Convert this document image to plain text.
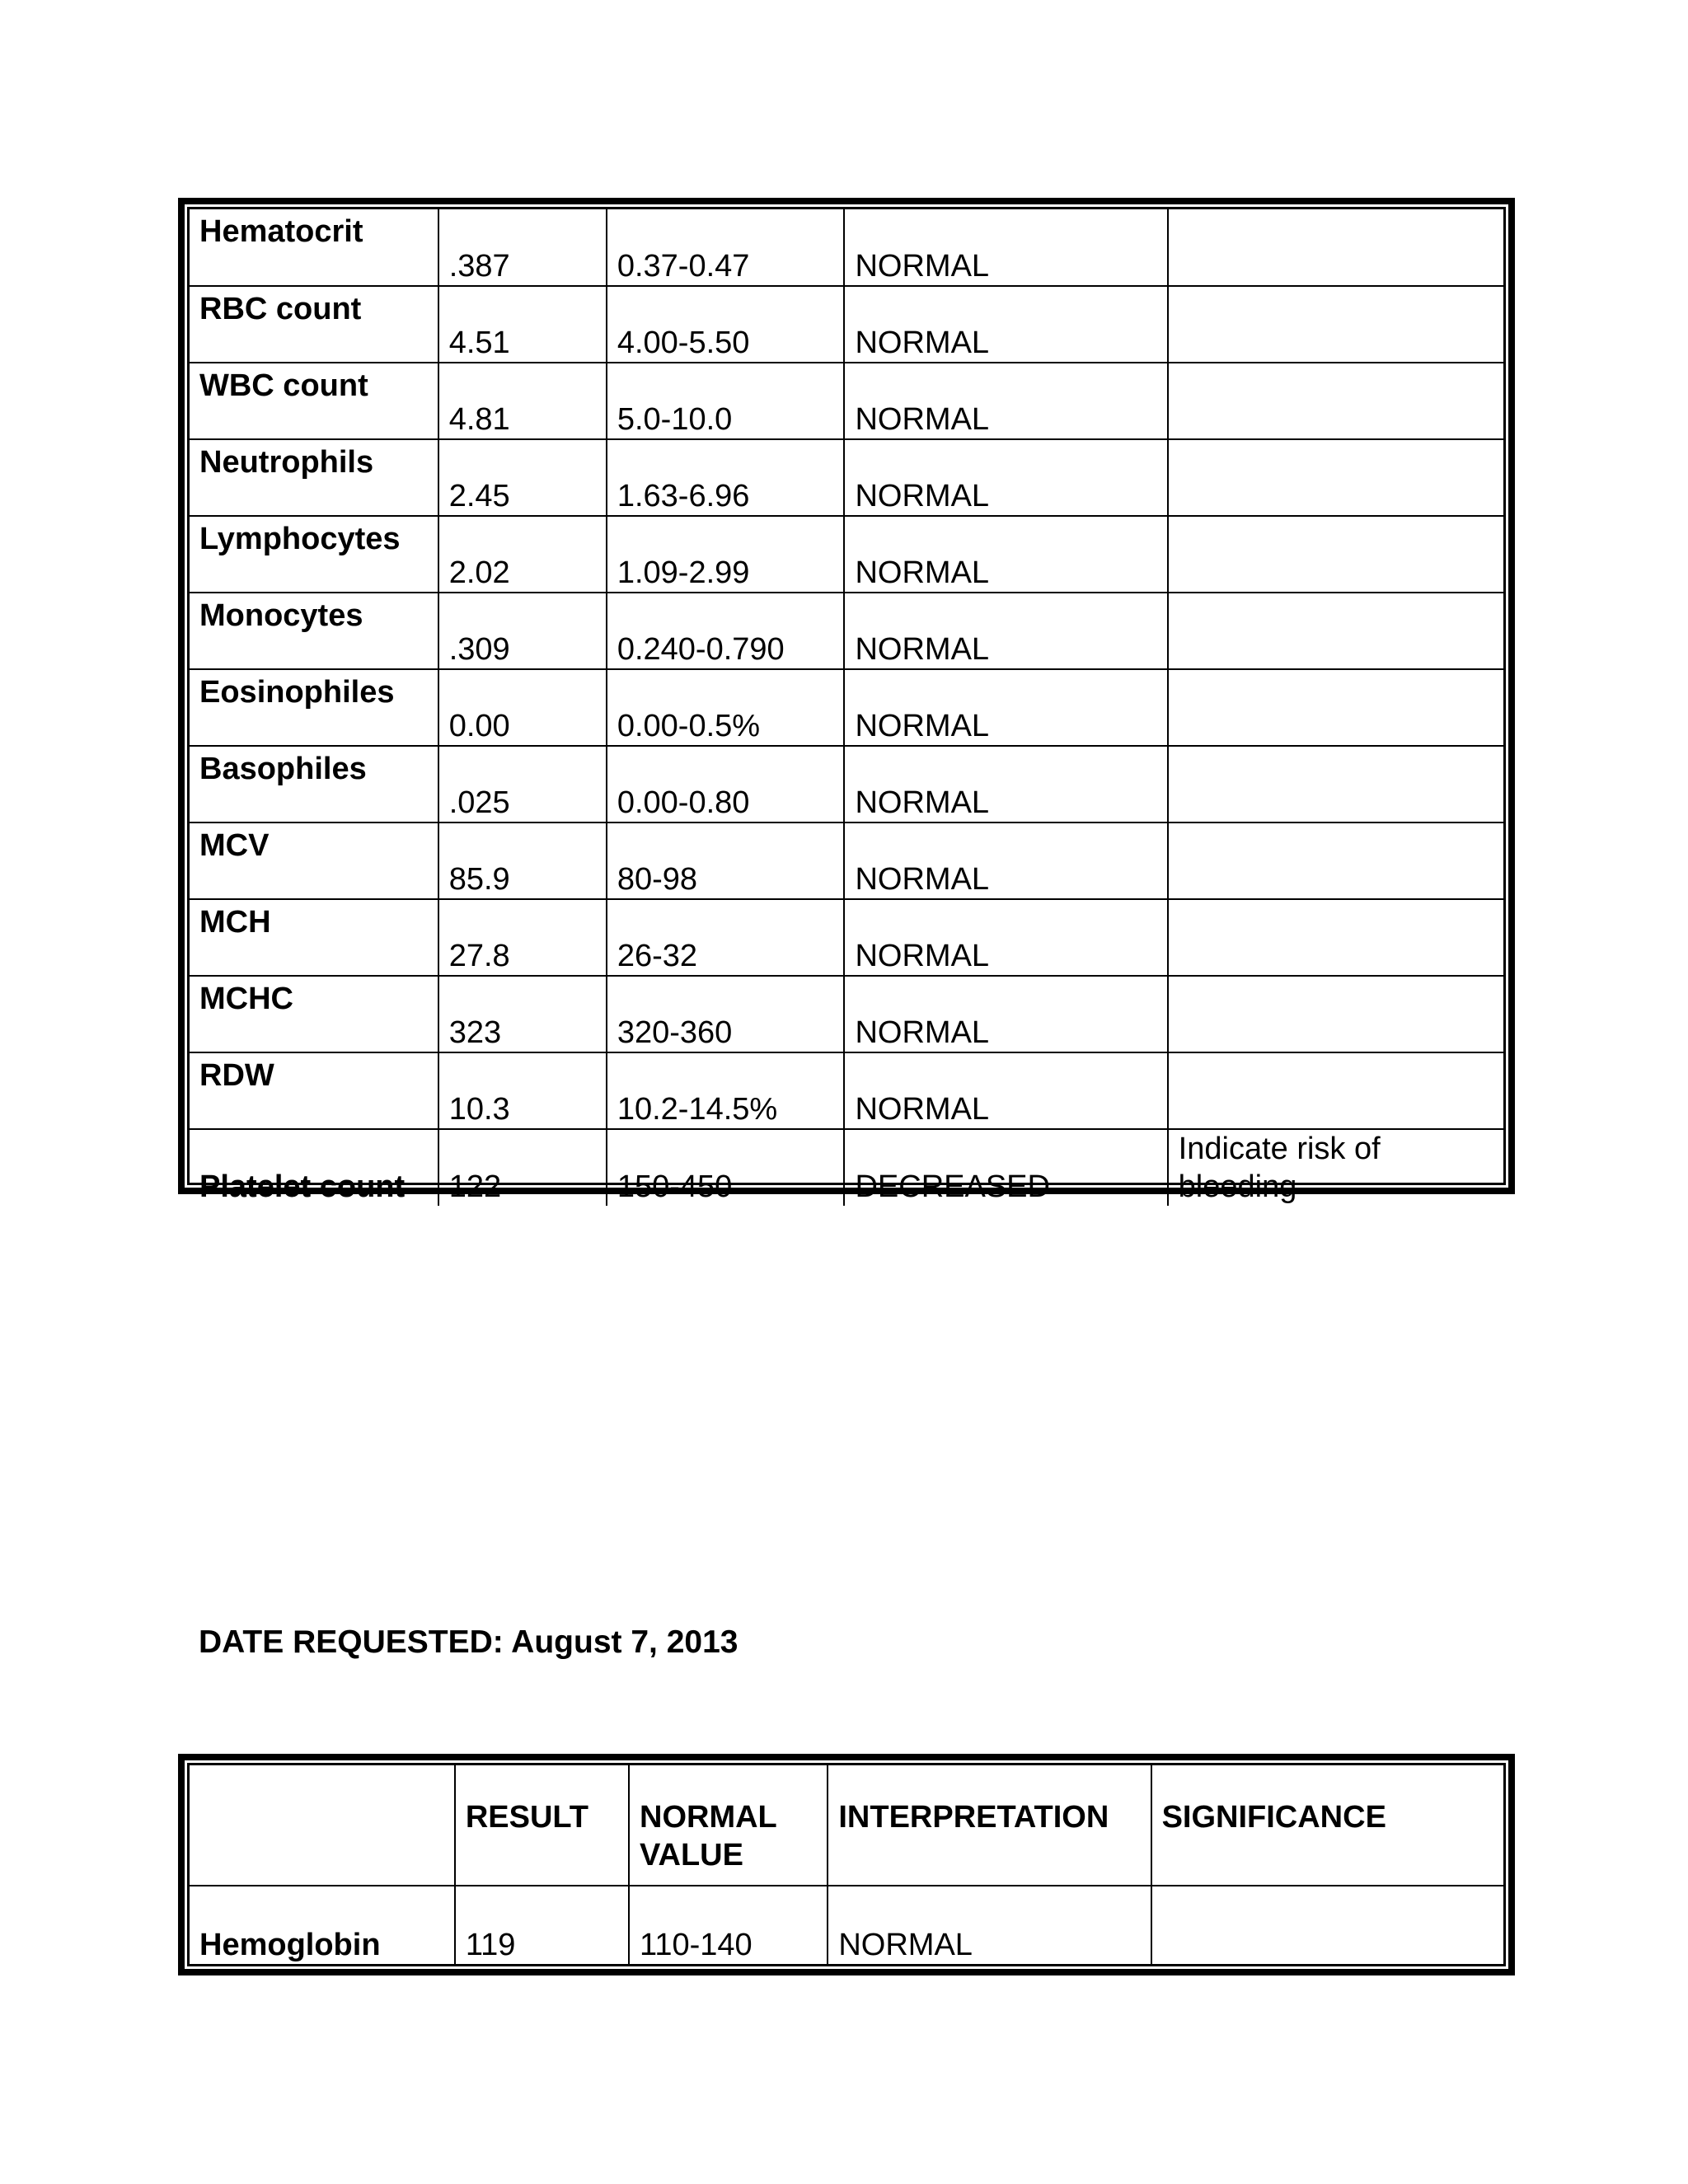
Hematocrit	.387	0.37-0.47	NORMAL	
RBC count	4.51	4.00-5.50	NORMAL	
WBC count	4.81	5.0-10.0	NORMAL	
Neutrophils	2.45	1.63-6.96	NORMAL	
Lymphocytes	2.02	1.09-2.99	NORMAL	
Monocytes	.309	0.240-0.790	NORMAL	
Eosinophiles	0.00	0.00-0.5%	NORMAL	
Basophiles	.025	0.00-0.80	NORMAL	
MCV	85.9	80-98	NORMAL	
MCH	27.8	26-32	NORMAL	
MCHC	323	320-360	NORMAL	
RDW	10.3	10.2-14.5%	NORMAL	
Platelet count	122	150-450	DECREASED	Indicate risk of bleeding
DATE REQUESTED: August 7, 2013
	RESULT	NORMAL VALUE	INTERPRETATION	SIGNIFICANCE
Hemoglobin	119	110-140	NORMAL	
